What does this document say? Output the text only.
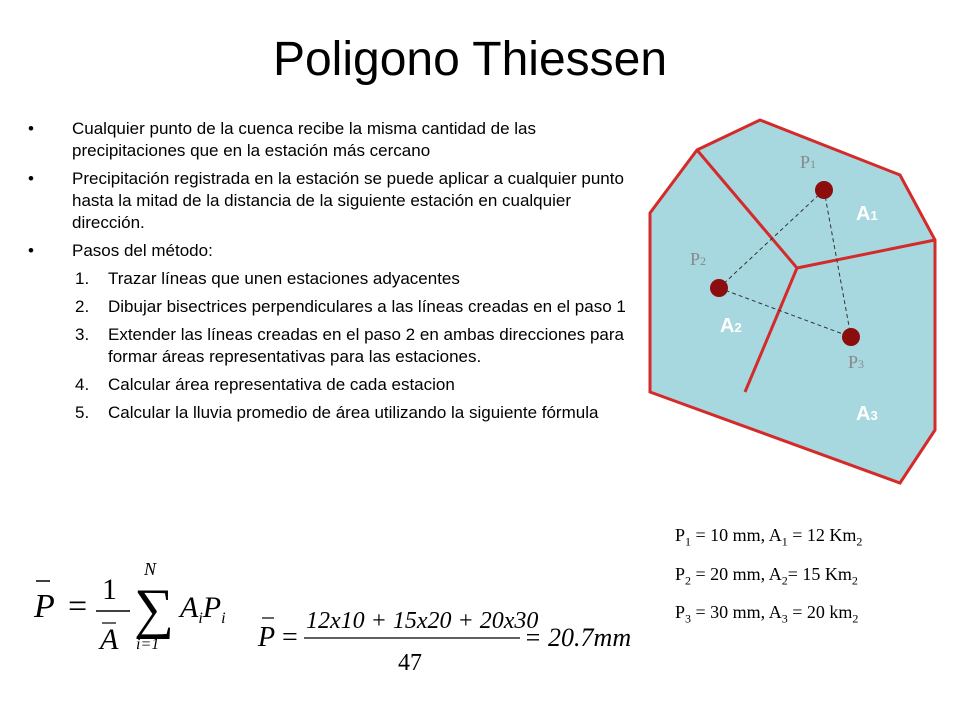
Poligono Thiessen
• Cualquier punto de la cuenca recibe la misma cantidad de las precipitaciones que en la estación más cercano
• Precipitación registrada en la estación se puede aplicar a cualquier punto hasta la mitad de la distancia de la siguiente estación en cualquier dirección.
• Pasos del método:
1. Trazar líneas que unen estaciones adyacentes
2. Dibujar bisectrices perpendiculares a las líneas creadas en el paso 1
3. Extender las líneas creadas en el paso 2 en ambas direcciones para formar áreas representativas para las estaciones.
4. Calcular área representativa de cada estacion
5. Calcular la lluvia promedio de área utilizando la siguiente fórmula
P1
P2
P3
A1
A2
A3
$P_1 = 10$ mm, $A_1 = 12$ $Km_2$
$P_2 = 20$ mm, $A_2= 15$ $Km_2$
$P_3 = 30$ mm, $A_3 = 20$ $km_2$
P = 1
A
N
∑
i=1
$A_iP_i$
P =
12x10 + 15x20 + 20x30
47
= 20.7mm
